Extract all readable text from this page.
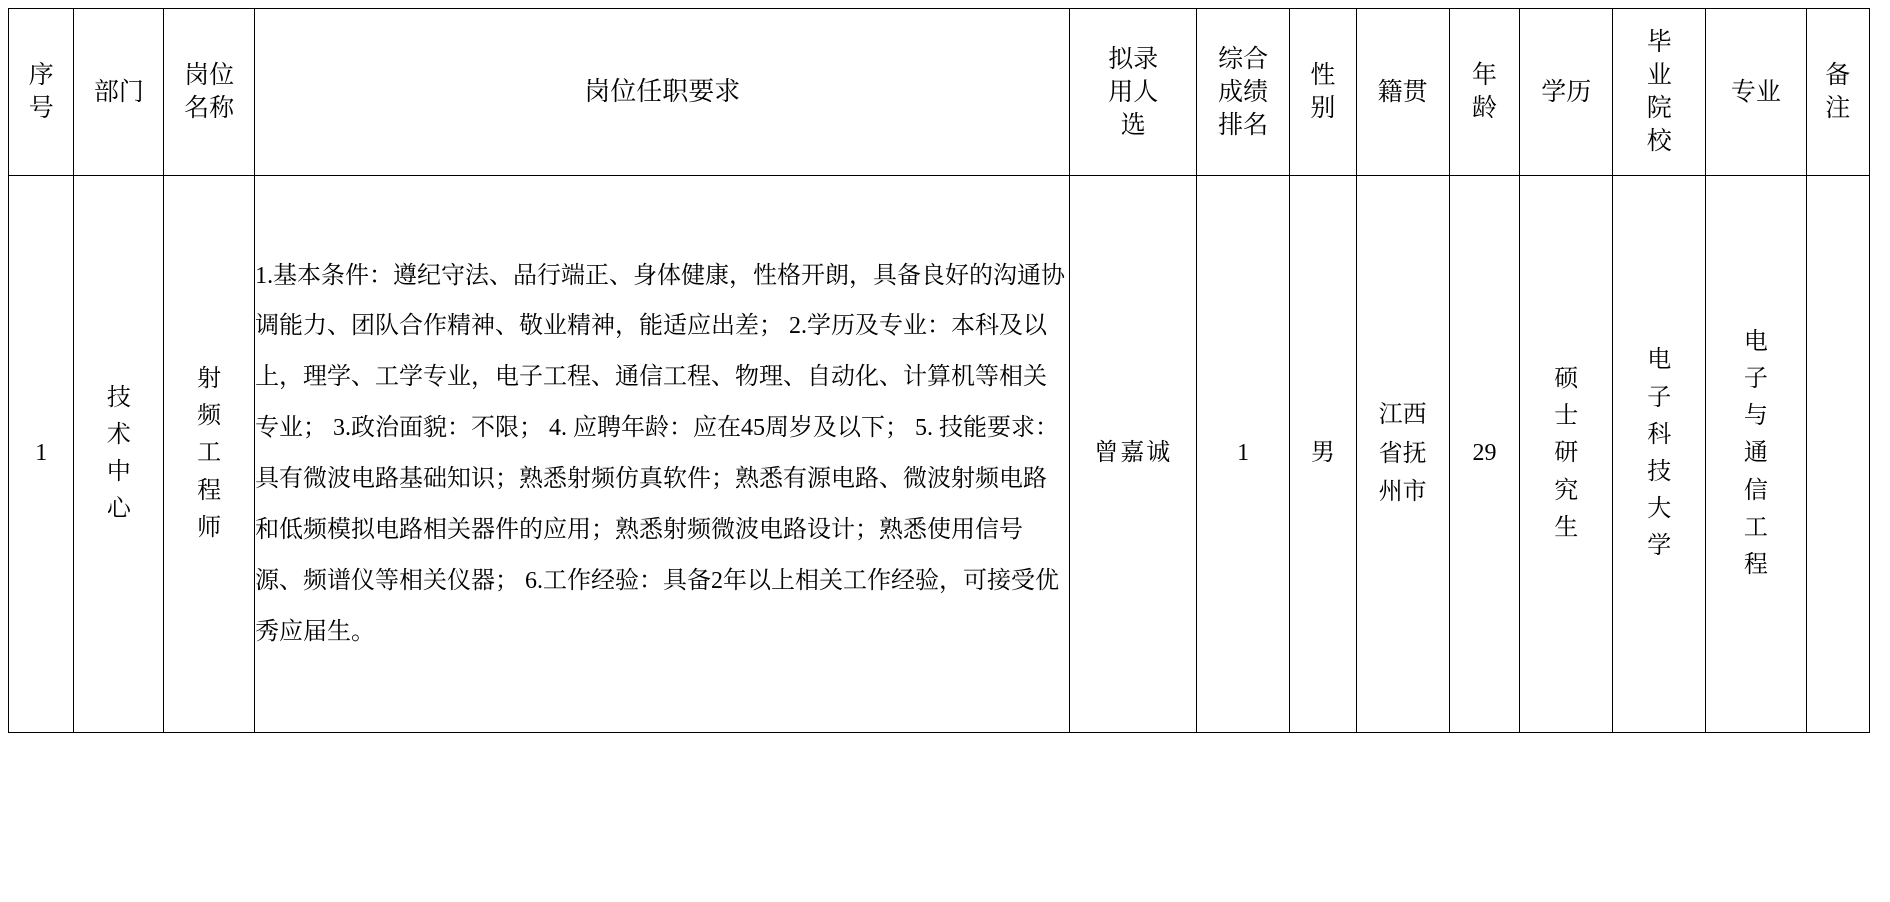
序号	部门	岗位名称	岗位任职要求	拟录用人选	综合成绩排名	性别	籍贯	年龄	学历	毕业院校	专业	备注

1	技术中心	射频工程师	1.基本条件：遵纪守法、品行端正、身体健康，性格开朗，具备良好的沟通协调能力、团队合作精神、敬业精神，能适应出差； 2.学历及专业：本科及以上，理学、工学专业，电子工程、通信工程、物理、自动化、计算机等相关专业； 3.政治面貌：不限； 4. 应聘年龄：应在45周岁及以下； 5. 技能要求：具有微波电路基础知识；熟悉射频仿真软件；熟悉有源电路、微波射频电路和低频模拟电路相关器件的应用；熟悉射频微波电路设计；熟悉使用信号源、频谱仪等相关仪器； 6.工作经验：具备2年以上相关工作经验，可接受优秀应届生。	曾嘉诚	1	男	江西省抚州市	29	硕士研究生	电子科技大学	电子与通信工程	
